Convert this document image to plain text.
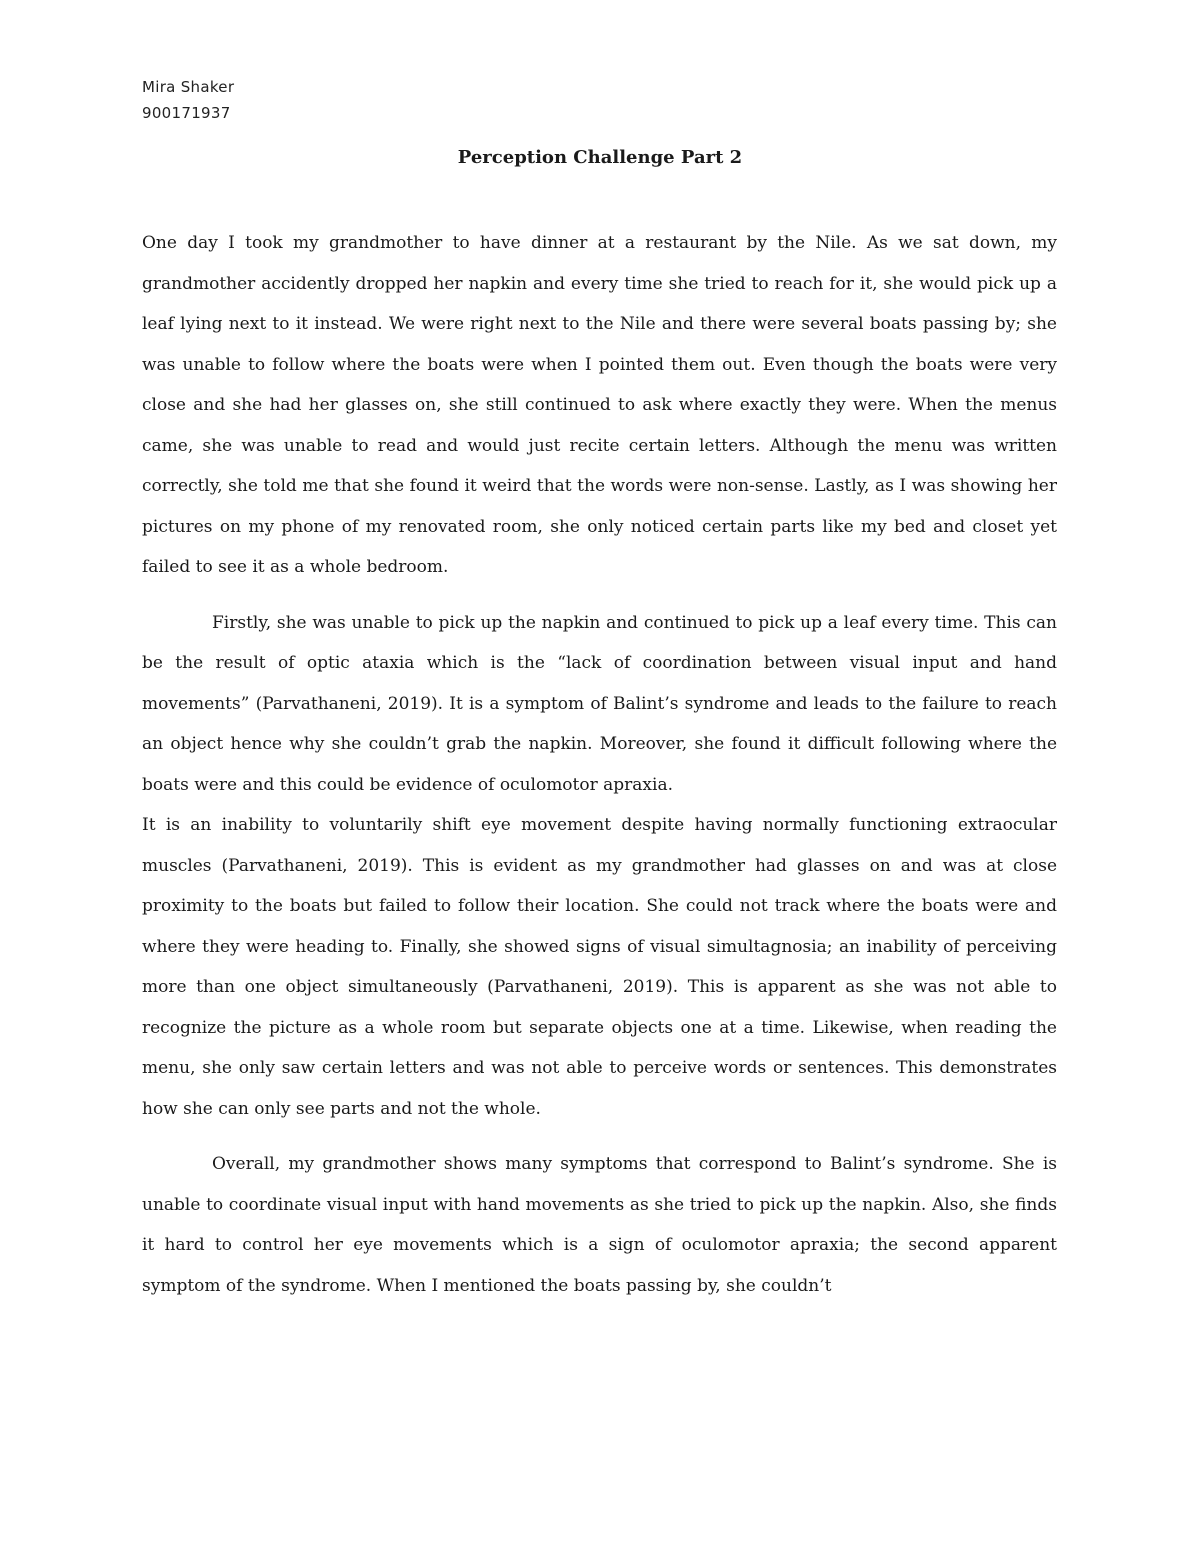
Mira Shaker
900171937
Perception Challenge Part 2

One day I took my grandmother to have dinner at a restaurant by the Nile. As we sat down, my grandmother accidently dropped her napkin and every time she tried to reach for it, she would pick up a leaf lying next to it instead. We were right next to the Nile and there were several boats passing by; she was unable to follow where the boats were when I pointed them out. Even though the boats were very close and she had her glasses on, she still continued to ask where exactly they were. When the menus came, she was unable to read and would just recite certain letters. Although the menu was written correctly, she told me that she found it weird that the words were non-sense. Lastly, as I was showing her pictures on my phone of my renovated room, she only noticed certain parts like my bed and closet yet failed to see it as a whole bedroom.

Firstly, she was unable to pick up the napkin and continued to pick up a leaf every time. This can be the result of optic ataxia which is the “lack of coordination between visual input and hand movements” (Parvathaneni, 2019). It is a symptom of Balint’s syndrome and leads to the failure to reach an object hence why she couldn’t grab the napkin. Moreover, she found it difficult following where the boats were and this could be evidence of oculomotor apraxia.

It is an inability to voluntarily shift eye movement despite having normally functioning extraocular muscles (Parvathaneni, 2019). This is evident as my grandmother had glasses on and was at close proximity to the boats but failed to follow their location. She could not track where the boats were and where they were heading to. Finally, she showed signs of visual simultagnosia; an inability of perceiving more than one object simultaneously (Parvathaneni, 2019). This is apparent as she was not able to recognize the picture as a whole room but separate objects one at a time. Likewise, when reading the menu, she only saw certain letters and was not able to perceive words or sentences. This demonstrates how she can only see parts and not the whole.

Overall, my grandmother shows many symptoms that correspond to Balint’s syndrome. She is unable to coordinate visual input with hand movements as she tried to pick up the napkin. Also, she finds it hard to control her eye movements which is a sign of oculomotor apraxia; the second apparent symptom of the syndrome. When I mentioned the boats passing by, she couldn’t
